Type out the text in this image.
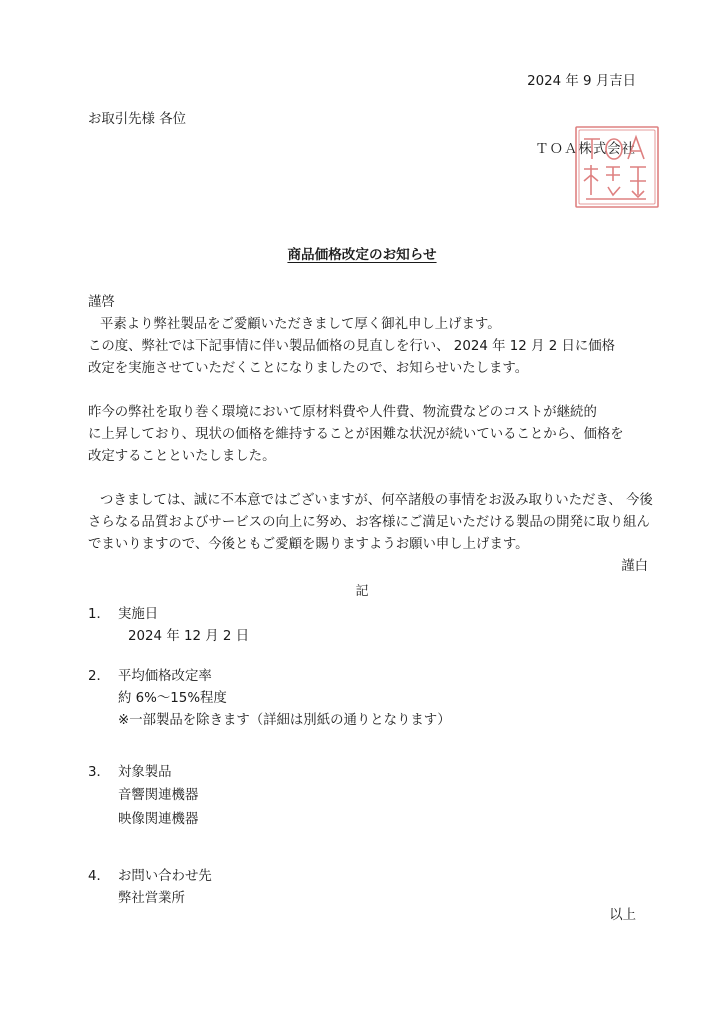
2024 年 9 月吉日
お取引先様 各位
ＴＯＡ株式会社
商品価格改定のお知らせ
謹啓
平素より弊社製品をご愛顧いただきまして厚く御礼申し上げます。
この度、弊社では下記事情に伴い製品価格の見直しを行い、 2024 年 12 月 2 日に価格
改定を実施させていただくことになりましたので、お知らせいたします。
昨今の弊社を取り巻く環境において原材料費や人件費、物流費などのコストが継続的
に上昇しており、現状の価格を維持することが困難な状況が続いていることから、価格を
改定することといたしました。
つきましては、誠に不本意ではございますが、何卒諸般の事情をお汲み取りいただき、 今後
さらなる品質およびサービスの向上に努め、お客様にご満足いただける製品の開発に取り組ん
でまいりますので、今後ともご愛顧を賜りますようお願い申し上げます。
謹白
記
1． 実施日
2024 年 12 月 2 日
2． 平均価格改定率
約 6%～15%程度
※一部製品を除きます（詳細は別紙の通りとなります）
3． 対象製品
音響関連機器
映像関連機器
4． お問い合わせ先
弊社営業所
以上
